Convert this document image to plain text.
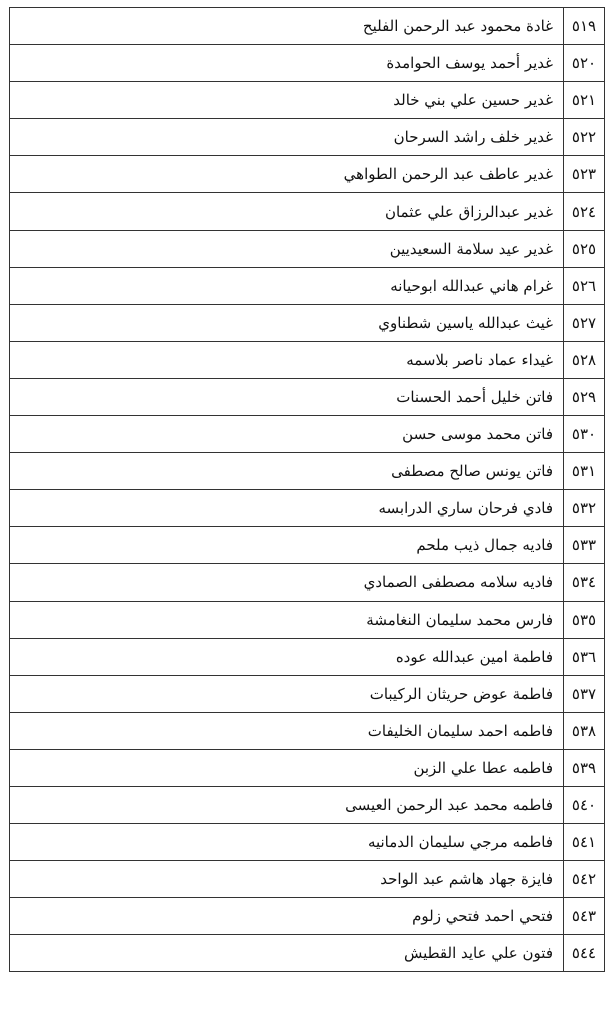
٥١٩	غادة محمود عبد الرحمن الفليح
٥٢٠	غدير أحمد يوسف الحوامدة
٥٢١	غدير حسين علي بني خالد
٥٢٢	غدير خلف راشد السرحان
٥٢٣	غدير عاطف عبد الرحمن الطواهي
٥٢٤	غدير عبدالرزاق علي عثمان
٥٢٥	غدير عيد سلامة السعيديين
٥٢٦	غرام هاني عبدالله ابوحيانه
٥٢٧	غيث عبدالله ياسين شطناوي
٥٢٨	غيداء عماد ناصر بلاسمه
٥٢٩	فاتن خليل أحمد الحسنات
٥٣٠	فاتن محمد موسى حسن
٥٣١	فاتن يونس صالح مصطفى
٥٣٢	فادي فرحان ساري الدرابسه
٥٣٣	فاديه جمال ذيب ملحم
٥٣٤	فاديه سلامه مصطفى الصمادي
٥٣٥	فارس محمد سليمان النغامشة
٥٣٦	فاطمة امين عبدالله عوده
٥٣٧	فاطمة عوض حريثان الركيبات
٥٣٨	فاطمه احمد سليمان الخليفات
٥٣٩	فاطمه عطا علي الزبن
٥٤٠	فاطمه محمد عبد الرحمن العيسى
٥٤١	فاطمه مرجي سليمان الدمانيه
٥٤٢	فايزة جهاد هاشم عبد الواحد
٥٤٣	فتحي احمد فتحي زلوم
٥٤٤	فتون علي عايد القطيش
